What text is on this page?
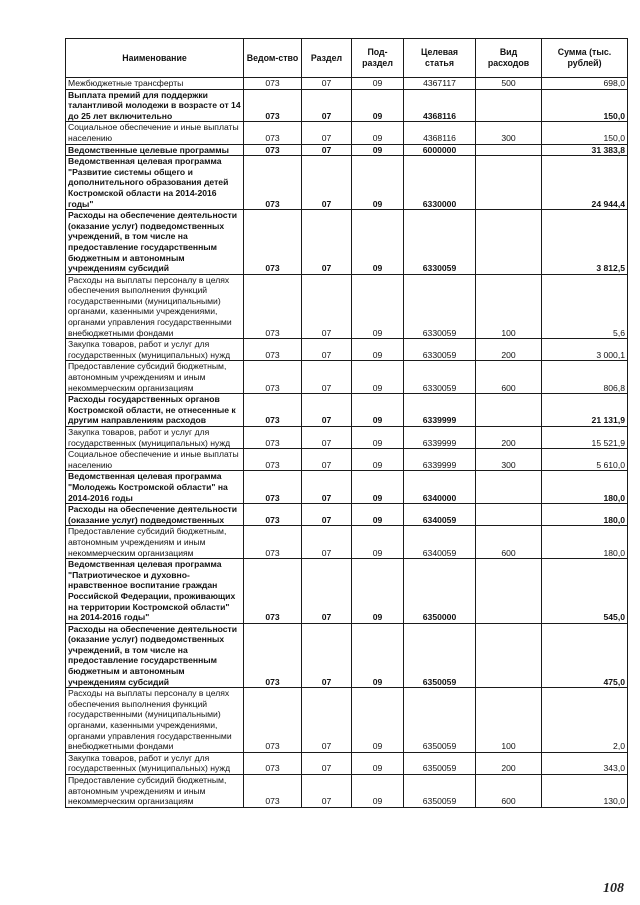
Наименование	Ведом-ство	Раздел	Под-раздел	Целевая статья	Вид расходов	Сумма (тыс. рублей)
Межбюджетные трансферты	073	07	09	4367117	500	698,0
Выплата премий для поддержки талантливой молодежи в возрасте от 14 до 25 лет включительно	073	07	09	4368116		150,0
Социальное обеспечение и иные выплаты населению	073	07	09	4368116	300	150,0
Ведомственные целевые программы	073	07	09	6000000		31 383,8
Ведомственная целевая программа "Развитие системы общего и дополнительного образования детей Костромской области на 2014-2016 годы"	073	07	09	6330000		24 944,4
Расходы на обеспечение деятельности (оказание услуг) подведомственных учреждений, в том числе на предоставление государственным бюджетным и автономным учреждениям субсидий	073	07	09	6330059		3 812,5
Расходы на выплаты персоналу в целях обеспечения выполнения функций государственными (муниципальными) органами, казенными учреждениями, органами управления государственными внебюджетными фондами	073	07	09	6330059	100	5,6
Закупка товаров, работ и услуг для государственных (муниципальных) нужд	073	07	09	6330059	200	3 000,1
Предоставление субсидий бюджетным, автономным учреждениям и иным некоммерческим организациям	073	07	09	6330059	600	806,8
Расходы государственных органов Костромской области, не отнесенные к другим направлениям расходов	073	07	09	6339999		21 131,9
Закупка товаров, работ и услуг для государственных (муниципальных) нужд	073	07	09	6339999	200	15 521,9
Социальное обеспечение и иные выплаты населению	073	07	09	6339999	300	5 610,0
Ведомственная целевая программа "Молодежь Костромской области" на 2014-2016 годы	073	07	09	6340000		180,0
Расходы на обеспечение деятельности (оказание услуг) подведомственных	073	07	09	6340059		180,0
Предоставление субсидий бюджетным, автономным учреждениям и иным некоммерческим организациям	073	07	09	6340059	600	180,0
Ведомственная целевая программа "Патриотическое и духовно-нравственное воспитание граждан Российской Федерации, проживающих на территории Костромской области" на 2014-2016 годы"	073	07	09	6350000		545,0
Расходы на обеспечение деятельности (оказание услуг) подведомственных учреждений, в том числе на предоставление государственным бюджетным и автономным учреждениям субсидий	073	07	09	6350059		475,0
Расходы на выплаты персоналу в целях обеспечения выполнения функций государственными (муниципальными) органами, казенными учреждениями, органами управления государственными внебюджетными фондами	073	07	09	6350059	100	2,0
Закупка товаров, работ и услуг для государственных (муниципальных) нужд	073	07	09	6350059	200	343,0
Предоставление субсидий бюджетным, автономным учреждениям и иным некоммерческим организациям	073	07	09	6350059	600	130,0
108
